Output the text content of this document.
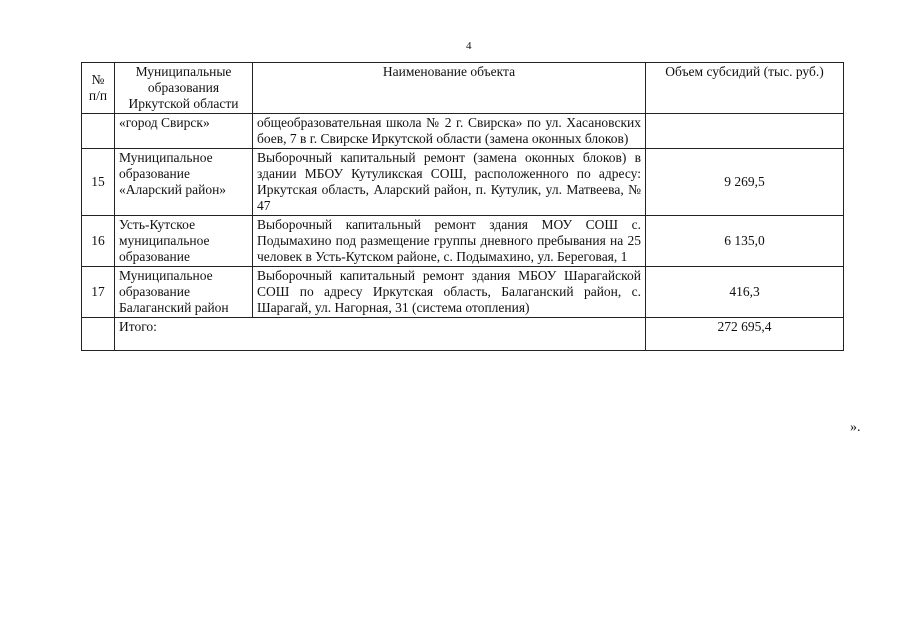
4
№ п/п	Муниципальные образования Иркутской области	Наименование объекта	Объем субсидий (тыс. руб.)
	«город Свирск»	общеобразовательная школа № 2 г. Свирска» по ул. Хасановских боев, 7 в г. Свирске Иркутской области (замена оконных блоков)	
15	Муниципальное образование «Аларский район»	Выборочный капитальный ремонт (замена оконных блоков) в здании МБОУ Кутуликская СОШ, расположенного по адресу: Иркутская область, Аларский район, п. Кутулик, ул. Матвеева, № 47	9 269,5
16	Усть-Кутское муниципальное образование	Выборочный капитальный ремонт здания МОУ СОШ с. Подымахино под размещение группы дневного пребывания на 25 человек в Усть-Кутском районе, с. Подымахино, ул. Береговая, 1	6 135,0
17	Муниципальное образование Балаганский район	Выборочный капитальный ремонт здания МБОУ Шарагайской СОШ по адресу Иркутская область, Балаганский район, с. Шарагай, ул. Нагорная, 31 (система отопления)	416,3
	Итого:		272 695,4
».
